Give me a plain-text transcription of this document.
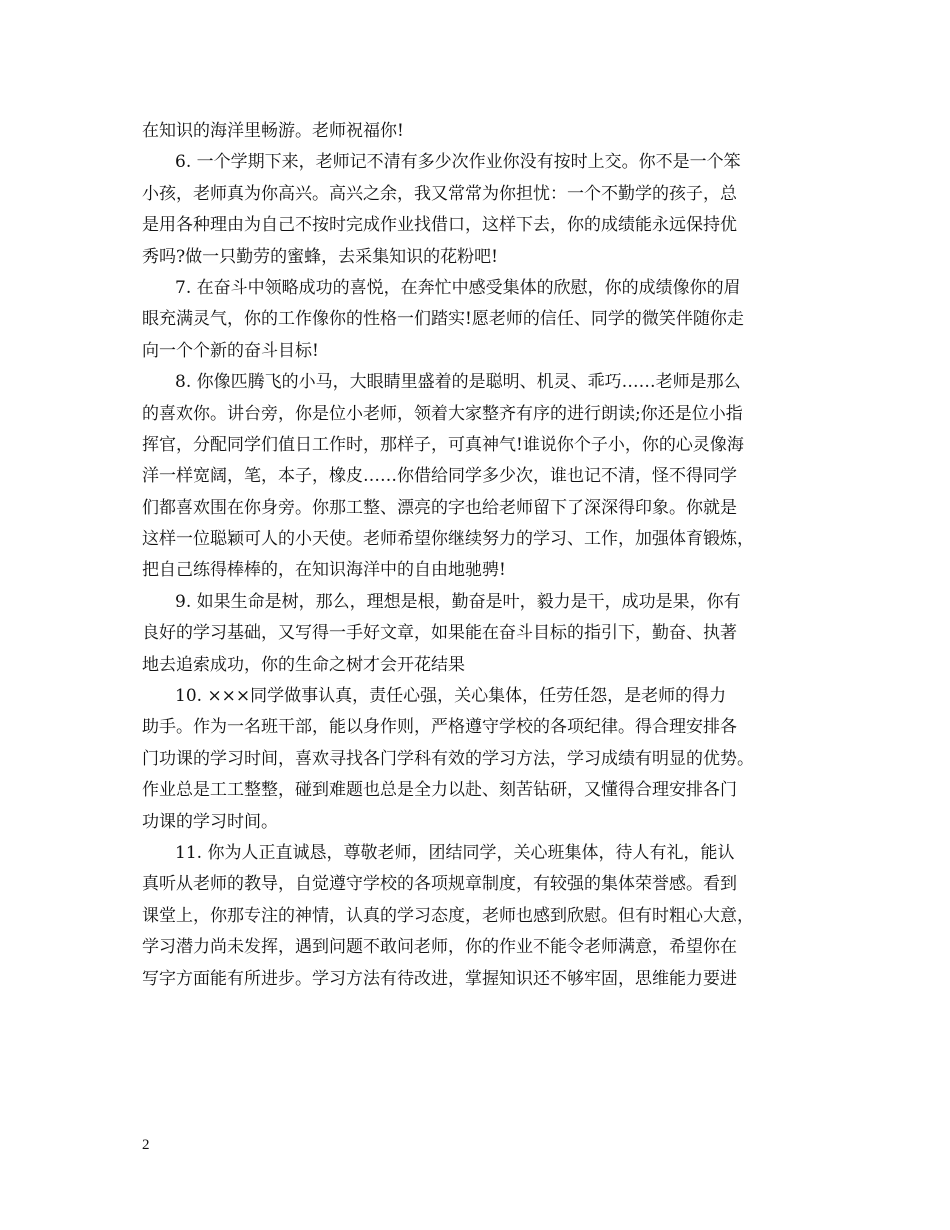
在知识的海洋里畅游。老师祝福你!
6. 一个学期下来，老师记不清有多少次作业你没有按时上交。你不是一个笨
小孩，老师真为你高兴。高兴之余，我又常常为你担忧：一个不勤学的孩子，总
是用各种理由为自己不按时完成作业找借口，这样下去，你的成绩能永远保持优
秀吗?做一只勤劳的蜜蜂，去采集知识的花粉吧!
7. 在奋斗中领略成功的喜悦，在奔忙中感受集体的欣慰，你的成绩像你的眉
眼充满灵气，你的工作像你的性格一们踏实!愿老师的信任、同学的微笑伴随你走
向一个个新的奋斗目标!
8. 你像匹腾飞的小马，大眼睛里盛着的是聪明、机灵、乖巧……老师是那么
的喜欢你。讲台旁，你是位小老师，领着大家整齐有序的进行朗读;你还是位小指
挥官，分配同学们值日工作时，那样子，可真神气!谁说你个子小，你的心灵像海
洋一样宽阔，笔，本子，橡皮……你借给同学多少次，谁也记不清，怪不得同学
们都喜欢围在你身旁。你那工整、漂亮的字也给老师留下了深深得印象。你就是
这样一位聪颖可人的小天使。老师希望你继续努力的学习、工作，加强体育锻炼，
把自己练得棒棒的，在知识海洋中的自由地驰骋!
9. 如果生命是树，那么，理想是根，勤奋是叶，毅力是干，成功是果，你有
良好的学习基础，又写得一手好文章，如果能在奋斗目标的指引下，勤奋、执著
地去追索成功，你的生命之树才会开花结果
10. ×××同学做事认真，责任心强，关心集体，任劳任怨，是老师的得力
助手。作为一名班干部，能以身作则，严格遵守学校的各项纪律。得合理安排各
门功课的学习时间，喜欢寻找各门学科有效的学习方法，学习成绩有明显的优势。
作业总是工工整整，碰到难题也总是全力以赴、刻苦钻研，又懂得合理安排各门
功课的学习时间。
11. 你为人正直诚恳，尊敬老师，团结同学，关心班集体，待人有礼，能认
真听从老师的教导，自觉遵守学校的各项规章制度，有较强的集体荣誉感。看到
课堂上，你那专注的神情，认真的学习态度，老师也感到欣慰。但有时粗心大意，
学习潜力尚未发挥，遇到问题不敢问老师，你的作业不能令老师满意，希望你在
写字方面能有所进步。学习方法有待改进，掌握知识还不够牢固，思维能力要进
2
